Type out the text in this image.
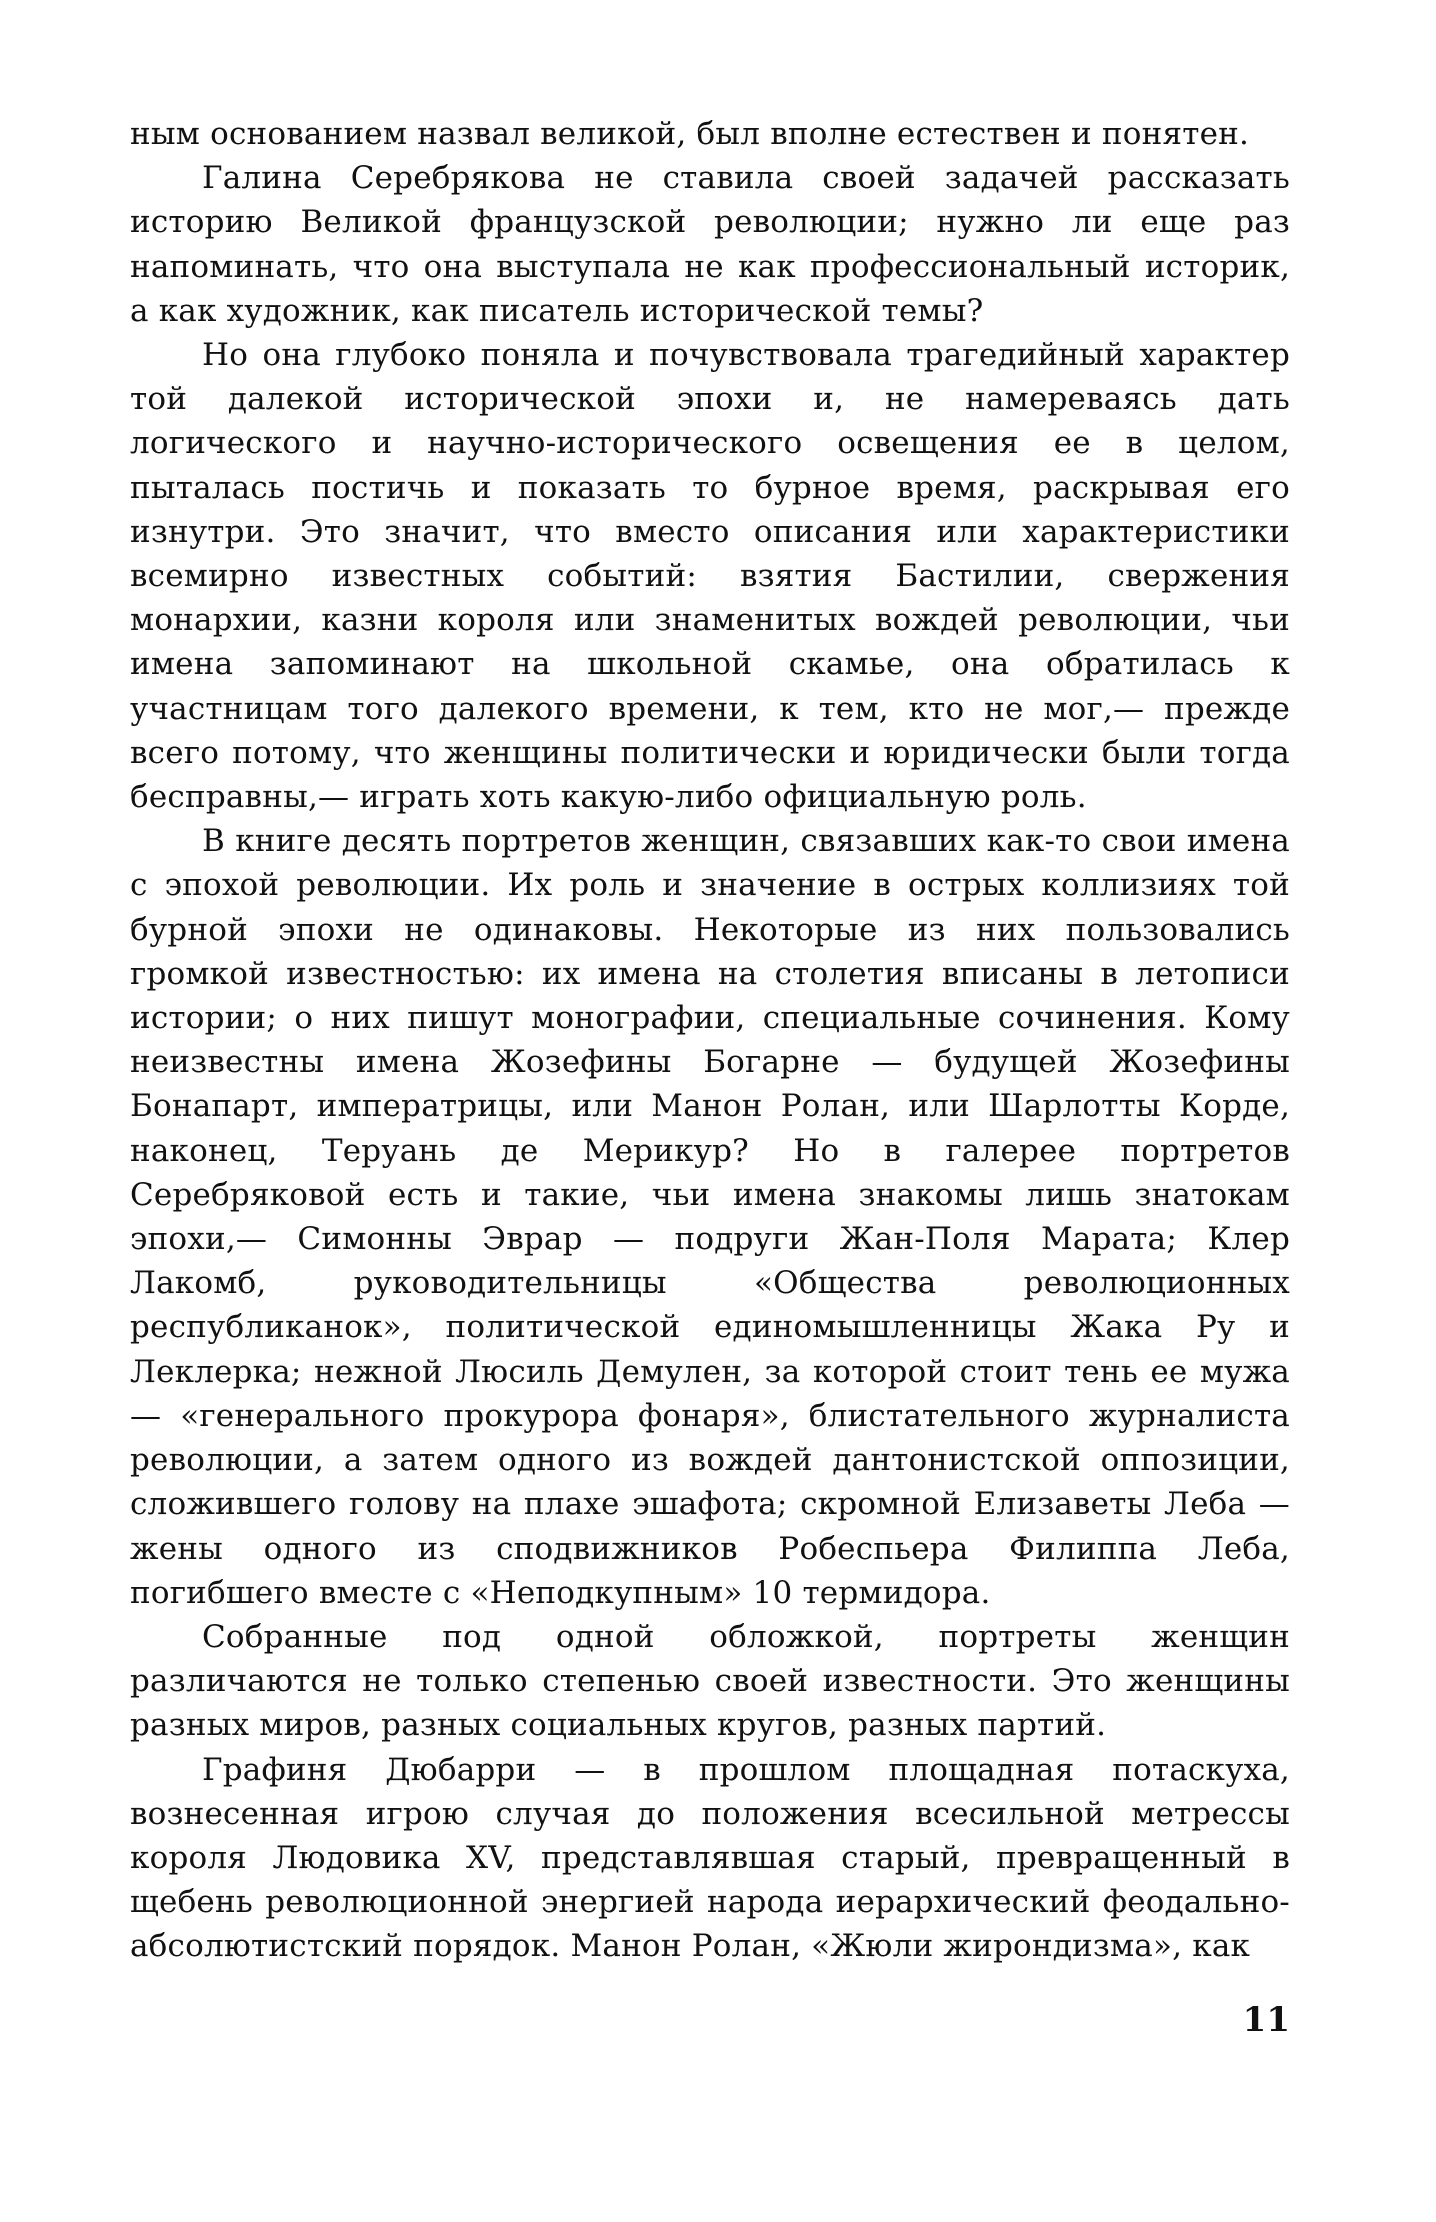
ным основанием назвал великой, был вполне естествен и понятен.

Галина Серебрякова не ставила своей задачей рассказать историю Великой французской революции; нужно ли еще раз напоминать, что она выступала не как профессиональный историк, а как художник, как писатель исторической темы?

Но она глубоко поняла и почувствовала трагедийный характер той далекой исторической эпохи и, не намереваясь дать логического и научно-исторического освещения ее в целом, пыталась постичь и показать то бурное время, раскрывая его изнутри. Это значит, что вместо описания или характеристики всемирно известных событий: взятия Бастилии, свержения монархии, казни короля или знаменитых вождей революции, чьи имена запоминают на школьной скамье, она обратилась к участницам того далекого времени, к тем, кто не мог,— прежде всего потому, что женщины политически и юридически были тогда бесправны,— играть хоть какую-либо официальную роль.

В книге десять портретов женщин, связавших как-то свои имена с эпохой революции. Их роль и значение в острых коллизиях той бурной эпохи не одинаковы. Некоторые из них пользовались громкой известностью: их имена на столетия вписаны в летописи истории; о них пишут монографии, специальные сочинения. Кому неизвестны имена Жозефины Богарне — будущей Жозефины Бонапарт, императрицы, или Манон Ролан, или Шарлотты Корде, наконец, Теруань де Мерикур? Но в галерее портретов Серебряковой есть и такие, чьи имена знакомы лишь знатокам эпохи,— Симонны Эврар — подруги Жан-Поля Марата; Клер Лакомб, руководительницы «Общества революционных республиканок», политической единомышленницы Жака Ру и Леклерка; нежной Люсиль Демулен, за которой стоит тень ее мужа — «генерального прокурора фонаря», блистательного журналиста революции, а затем одного из вождей дантонистской оппозиции, сложившего голову на плахе эшафота; скромной Елизаветы Леба — жены одного из сподвижников Робеспьера Филиппа Леба, погибшего вместе с «Неподкупным» 10 термидора.

Собранные под одной обложкой, портреты женщин различаются не только степенью своей известности. Это женщины разных миров, разных социальных кругов, разных партий.

Графиня Дюбарри — в прошлом площадная потаскуха, вознесенная игрою случая до положения всесильной метрессы короля Людовика XV, представлявшая старый, превращенный в щебень революционной энергией народа иерархический феодально-абсолютистский порядок. Манон Ролан, «Жюли жирондизма», как

11
